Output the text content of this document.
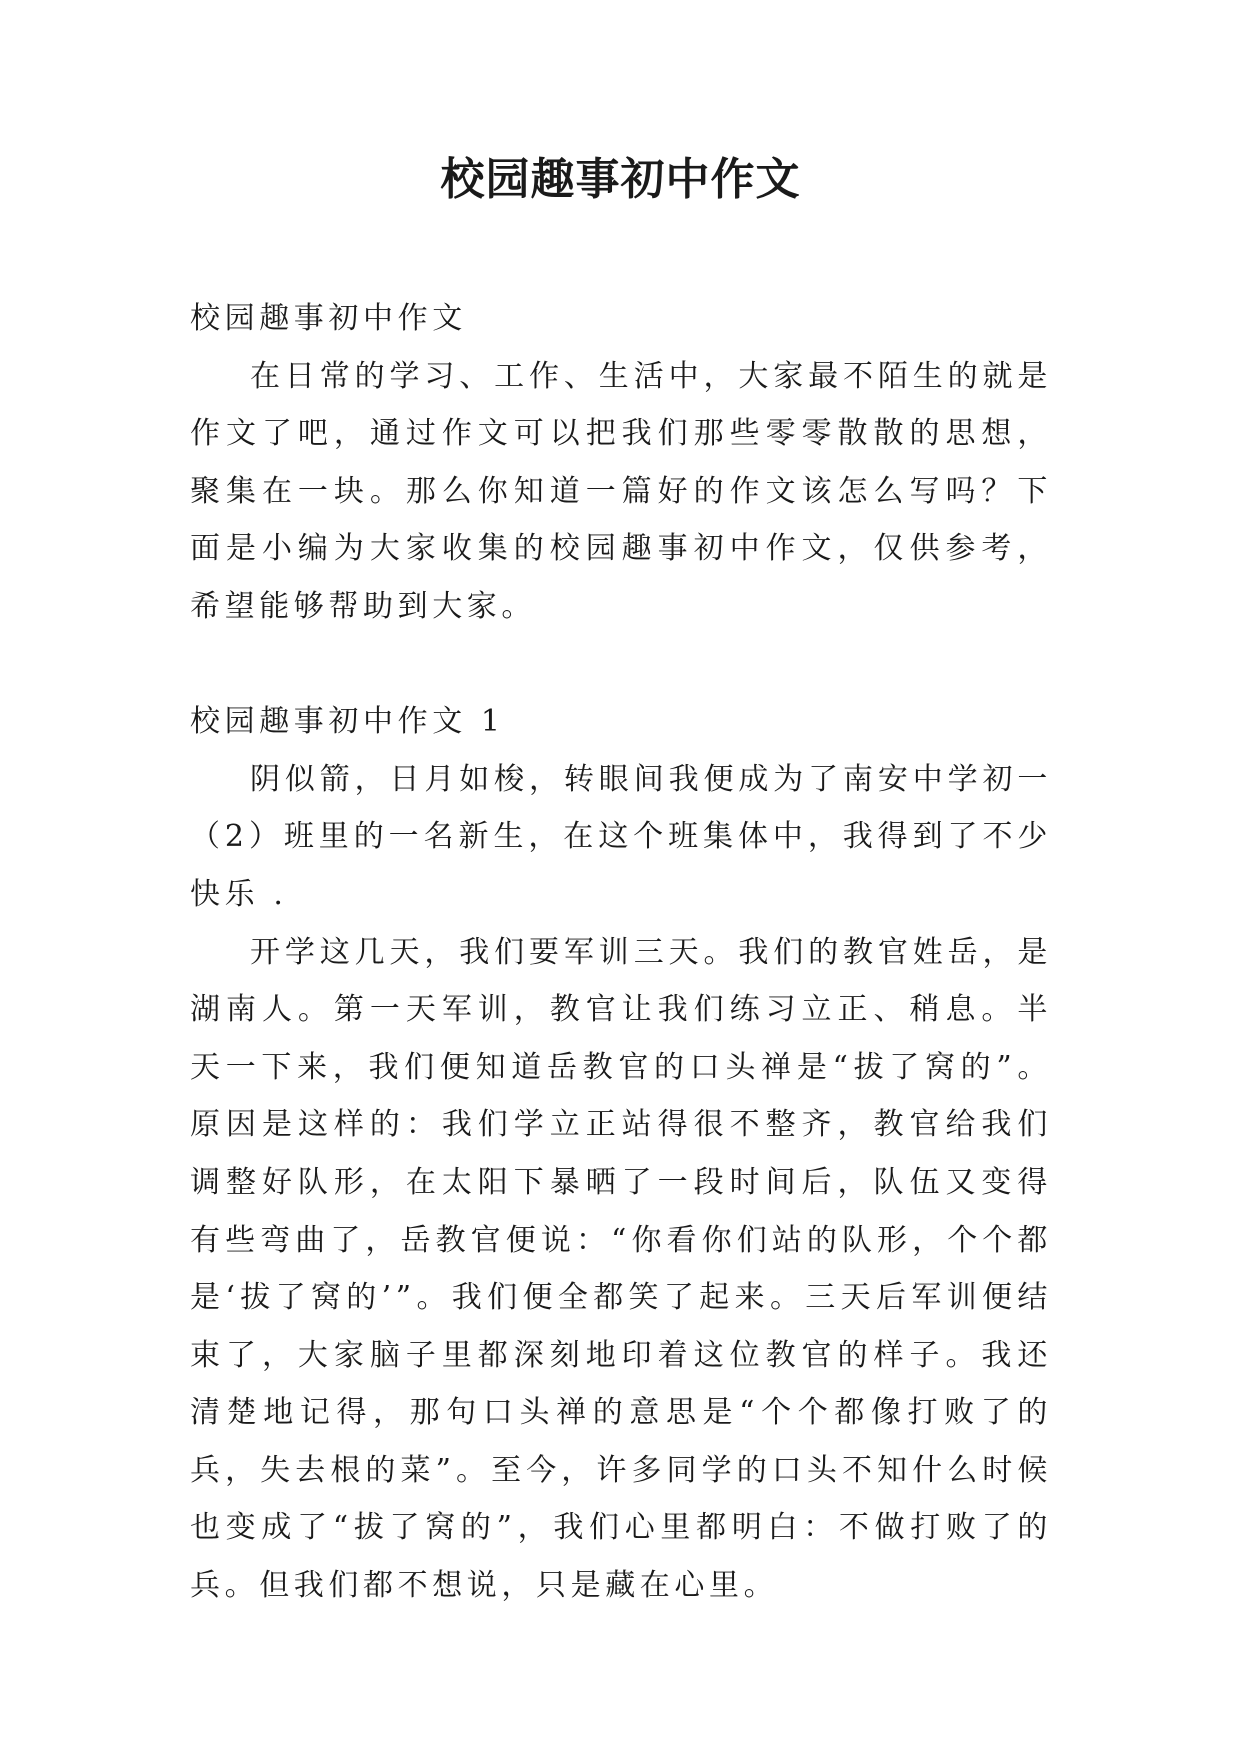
校园趣事初中作文

校园趣事初中作文

在日常的学习、工作、生活中，大家最不陌生的就是作文了吧，通过作文可以把我们那些零零散散的思想，聚集在一块。那么你知道一篇好的作文该怎么写吗？下面是小编为大家收集的校园趣事初中作文，仅供参考，希望能够帮助到大家。

校园趣事初中作文 1

阴似箭，日月如梭，转眼间我便成为了南安中学初一（2）班里的一名新生，在这个班集体中，我得到了不少快乐 .

开学这几天，我们要军训三天。我们的教官姓岳，是湖南人。第一天军训，教官让我们练习立正、稍息。半天一下来，我们便知道岳教官的口头禅是“拔了窝的”。原因是这样的：我们学立正站得很不整齐，教官给我们调整好队形，在太阳下暴晒了一段时间后，队伍又变得有些弯曲了，岳教官便说：“你看你们站的队形，个个都是‘拔了窝的’”。我们便全都笑了起来。三天后军训便结束了，大家脑子里都深刻地印着这位教官的样子。我还清楚地记得，那句口头禅的意思是“个个都像打败了的兵，失去根的菜”。至今，许多同学的口头不知什么时候也变成了“拔了窝的”，我们心里都明白：不做打败了的兵。但我们都不想说，只是藏在心里。
